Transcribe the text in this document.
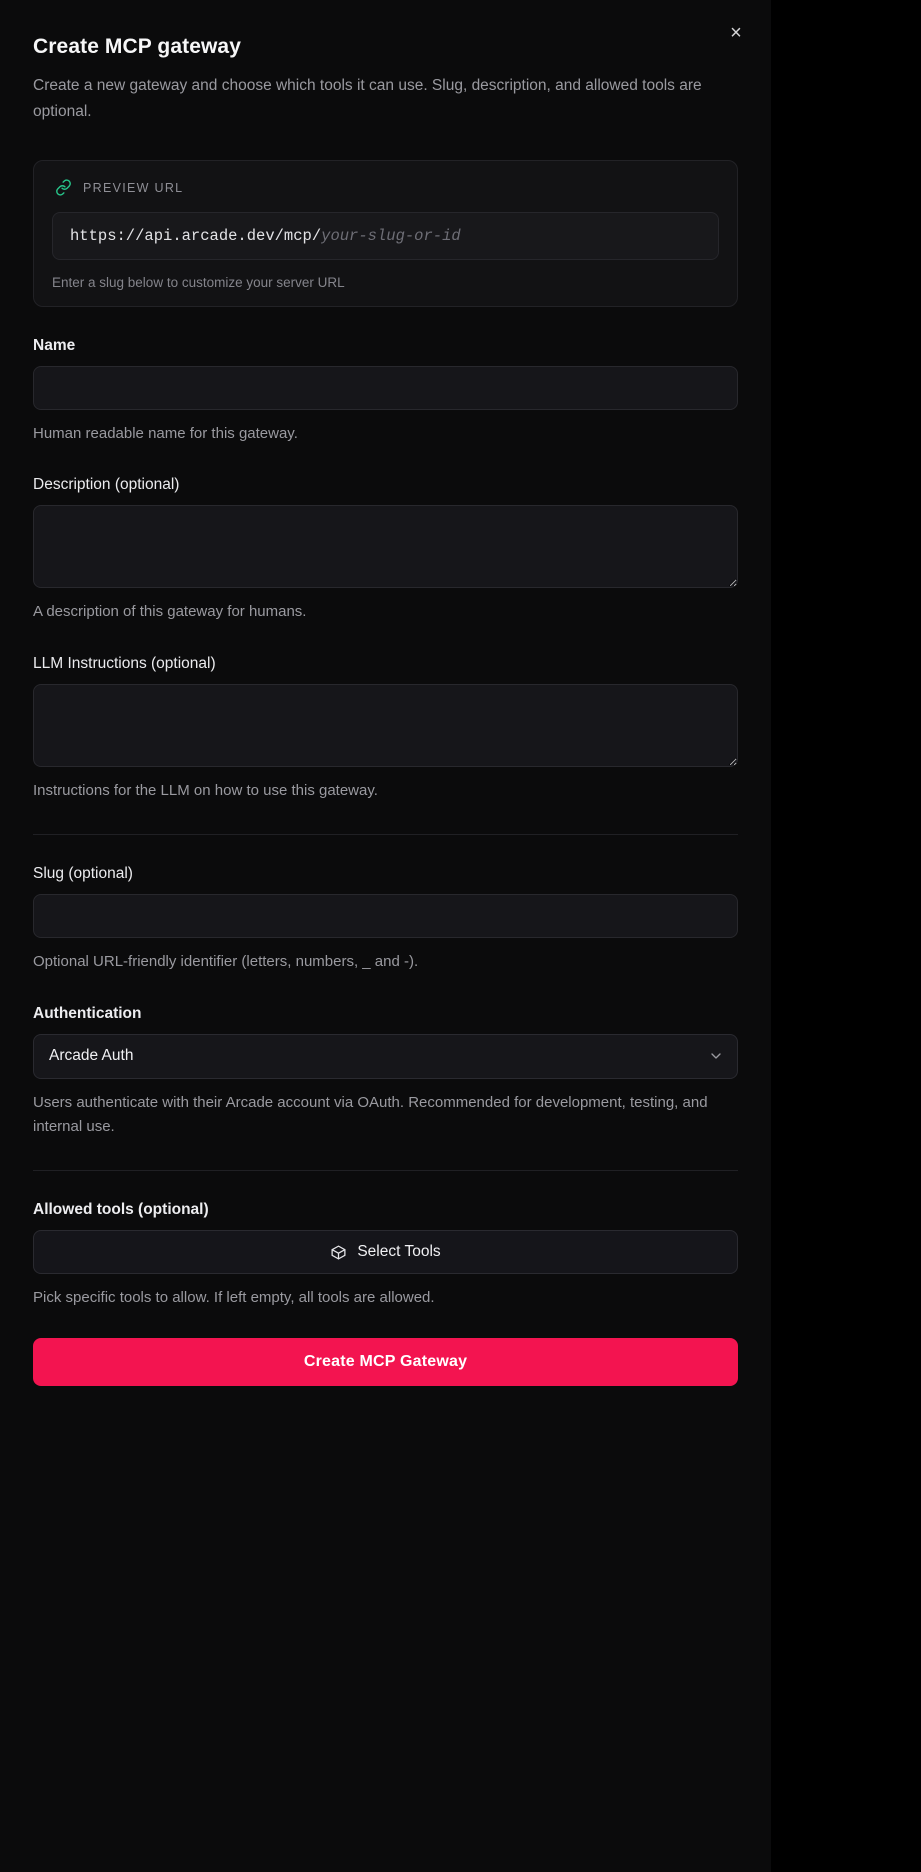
×
Create MCP gateway

Create a new gateway and choose which tools it can use. Slug, description, and allowed tools are optional.

PREVIEW URL
https://api.arcade.dev/mcp/your-slug-or-id
Enter a slug below to customize your server URL
Name
Human readable name for this gateway.
Description (optional)
A description of this gateway for humans.
LLM Instructions (optional)
Instructions for the LLM on how to use this gateway.
Slug (optional)
Optional URL-friendly identifier (letters, numbers, _ and -).
Authentication
Arcade Auth
Users authenticate with their Arcade account via OAuth. Recommended for development, testing, and internal use.
Allowed tools (optional)
Select Tools
Pick specific tools to allow. If left empty, all tools are allowed.
Create MCP Gateway
